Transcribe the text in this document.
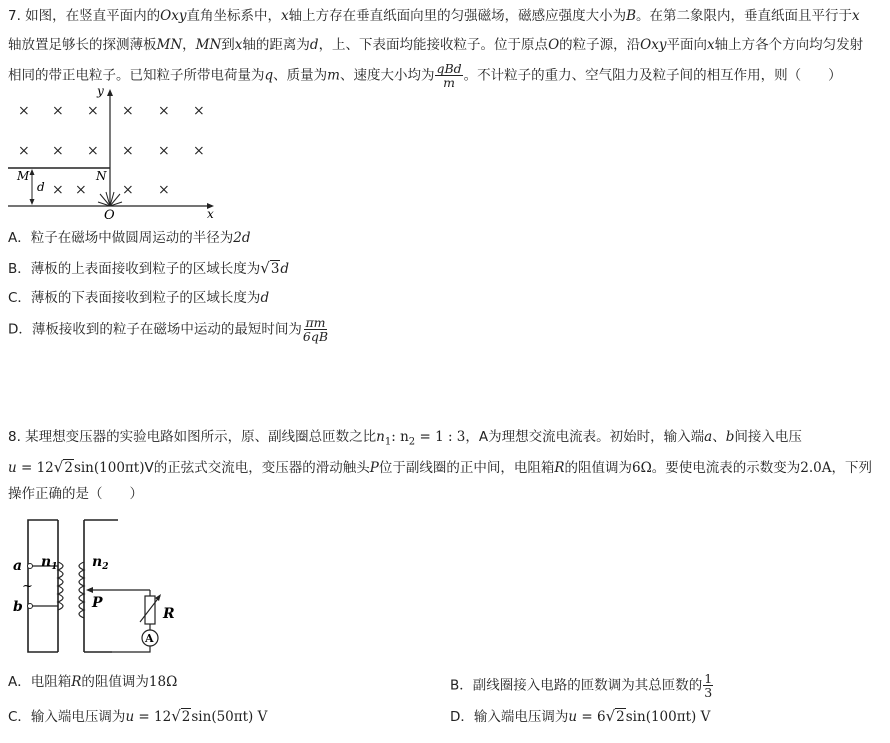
7. 如图，在竖直平面内的Oxy直角坐标系中，x轴上方存在垂直纸面向里的匀强磁场，磁感应强度大小为B。在第二象限内，垂直纸面且平行于x
轴放置足够长的探测薄板MN，MN到x轴的距离为d，上、下表面均能接收粒子。位于原点O的粒子源，沿Oxy平面向x轴上方各个方向均匀发射
相同的带正电粒子。已知粒子所带电荷量为q、质量为m、速度大小均为 $\frac{\text{qBd}}{m}$ 。不计粒子的重力、空气阻力及粒子间的相互作用，则（　　）
× × × × × ×
× × × × × ×
× ×	× ×
y
x
O
M	N
d
A．粒子在磁场中做圆周运动的半径为2d
B．薄板的上表面接收到粒子的区域长度为√3d
C．薄板的下表面接收到粒子的区域长度为d
D．薄板接收到的粒子在磁场中运动的最短时间为 $\frac{\pi m}{6qB}$
8. 某理想变压器的实验电路如图所示，原、副线圈总匝数之比$n_1$: $n_2 = 1$ : 3，A为理想交流电流表。初始时，输入端a、b间接入电压
u = 12√2sin(100πt)V的正弦式交流电，变压器的滑动触头P位于副线圈的正中间，电阻箱R的阻值调为6Ω。要使电流表的示数变为2.0A，下列
操作正确的是（　　）
a
b
~
$n_1$ $n_2$
P
R
A
A．电阻箱R的阻值调为18Ω	B．副线圈接入电路的匝数调为其总匝数的 $\frac{1}{3}$
C．输入端电压调为u = 12√2sin(50πt) V	D．输入端电压调为u = 6√2sin(100πt) V
